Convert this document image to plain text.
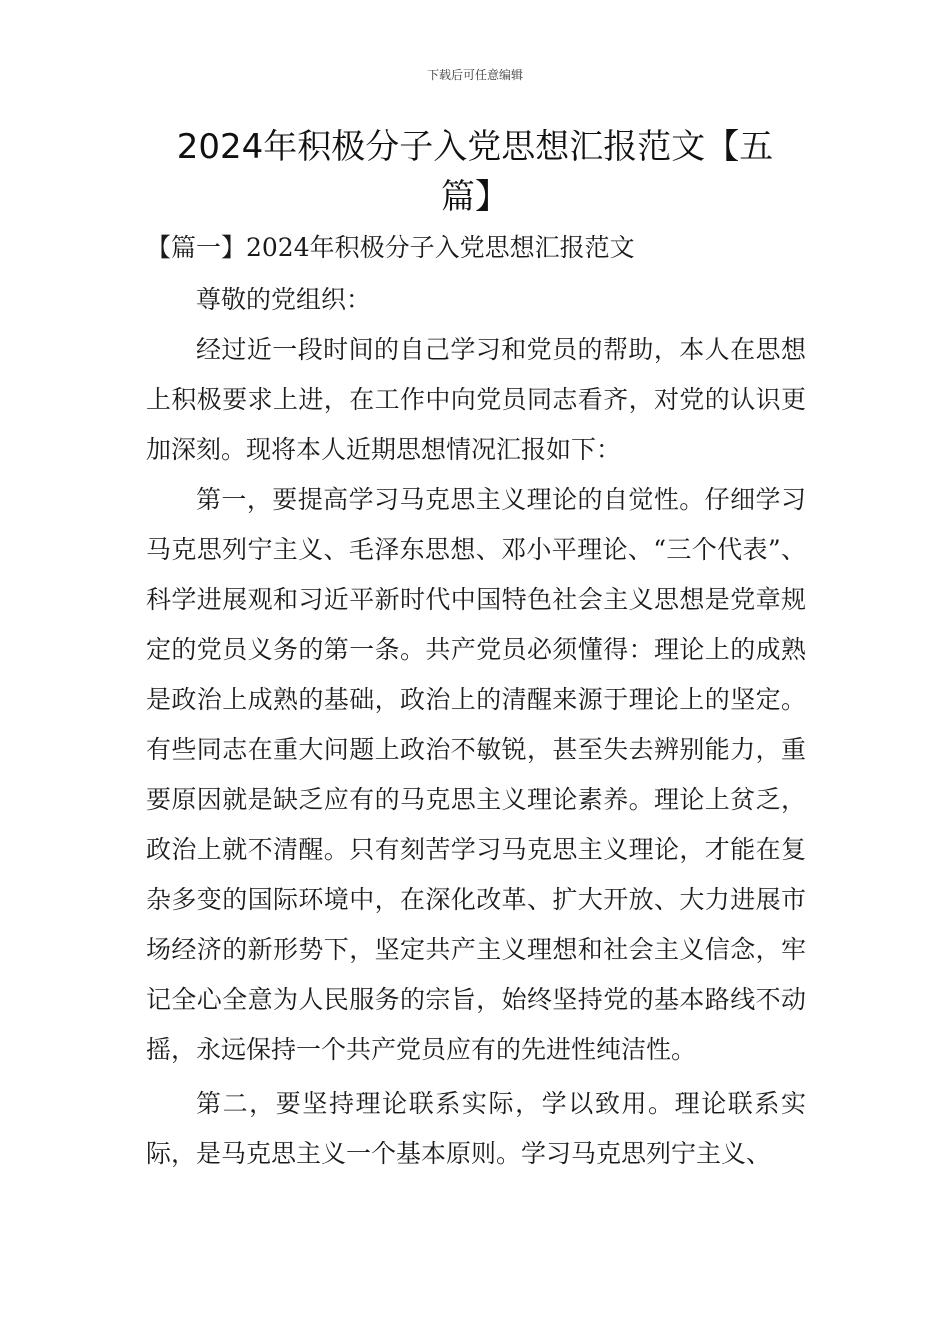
下载后可任意编辑
2024年积极分子入党思想汇报范文【五篇】
【篇一】2024年积极分子入党思想汇报范文

尊敬的党组织：

经过近一段时间的自己学习和党员的帮助，本人在思想上积极要求上进，在工作中向党员同志看齐，对党的认识更加深刻。现将本人近期思想情况汇报如下：

第一，要提高学习马克思主义理论的自觉性。仔细学习马克思列宁主义、毛泽东思想、邓小平理论、“三个代表”、科学进展观和习近平新时代中国特色社会主义思想是党章规定的党员义务的第一条。共产党员必须懂得：理论上的成熟是政治上成熟的基础，政治上的清醒来源于理论上的坚定。有些同志在重大问题上政治不敏锐，甚至失去辨别能力，重要原因就是缺乏应有的马克思主义理论素养。理论上贫乏，政治上就不清醒。只有刻苦学习马克思主义理论，才能在复杂多变的国际环境中，在深化改革、扩大开放、大力进展市场经济的新形势下，坚定共产主义理想和社会主义信念，牢记全心全意为人民服务的宗旨，始终坚持党的基本路线不动摇，永远保持一个共产党员应有的先进性纯洁性。

第二，要坚持理论联系实际，学以致用。理论联系实际，是马克思主义一个基本原则。学习马克思列宁主义、
